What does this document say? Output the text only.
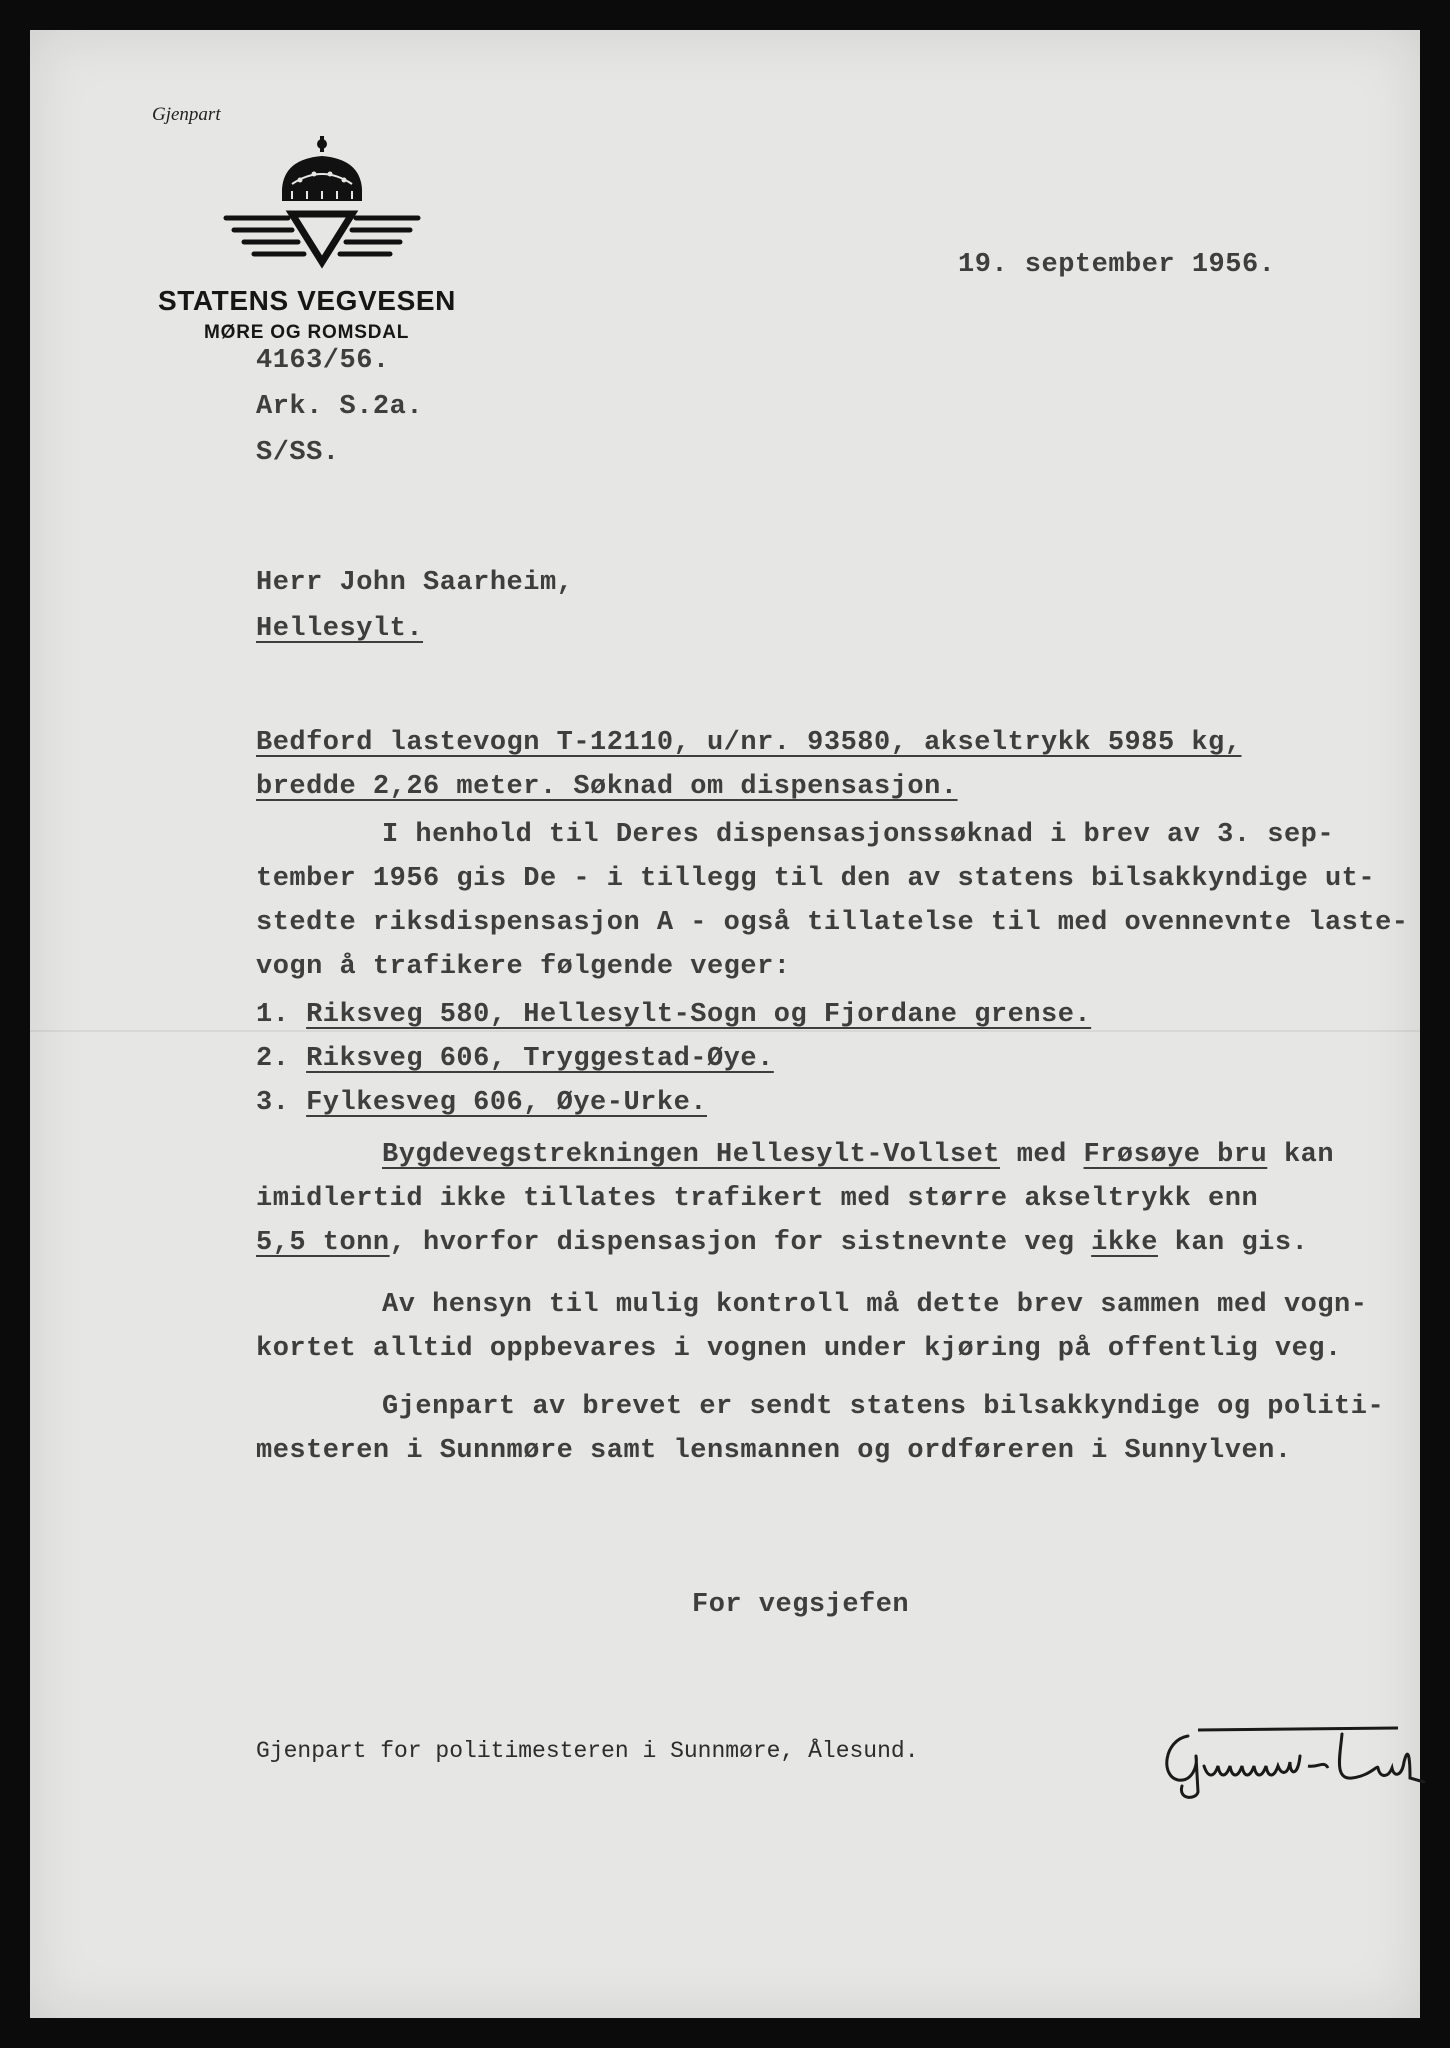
Gjenpart
STATENS VEGVESEN
MØRE OG ROMSDAL
19. september 1956.
4163/56.
Ark. S.2a.
S/SS.
Herr John Saarheim,
Hellesylt.
Bedford lastevogn T-12110, u/nr. 93580, akseltrykk 5985 kg,
bredde 2,26 meter. Søknad om dispensasjon.
I henhold til Deres dispensasjonssøknad i brev av 3. sep-
tember 1956 gis De - i tillegg til den av statens bilsakkyndige ut-
stedte riksdispensasjon A - også tillatelse til med ovennevnte laste-
vogn å trafikere følgende veger:
1. Riksveg 580, Hellesylt-Sogn og Fjordane grense.
2. Riksveg 606, Tryggestad-Øye.
3. Fylkesveg 606, Øye-Urke.
Bygdevegstrekningen Hellesylt-Vollset med Frøsøye bru kan
imidlertid ikke tillates trafikert med større akseltrykk enn
5,5 tonn, hvorfor dispensasjon for sistnevnte veg ikke kan gis.
Av hensyn til mulig kontroll må dette brev sammen med vogn-
kortet alltid oppbevares i vognen under kjøring på offentlig veg.
Gjenpart av brevet er sendt statens bilsakkyndige og politi-
mesteren i Sunnmøre samt lensmannen og ordføreren i Sunnylven.
For vegsjefen
Gjenpart for politimesteren i Sunnmøre, Ålesund.
